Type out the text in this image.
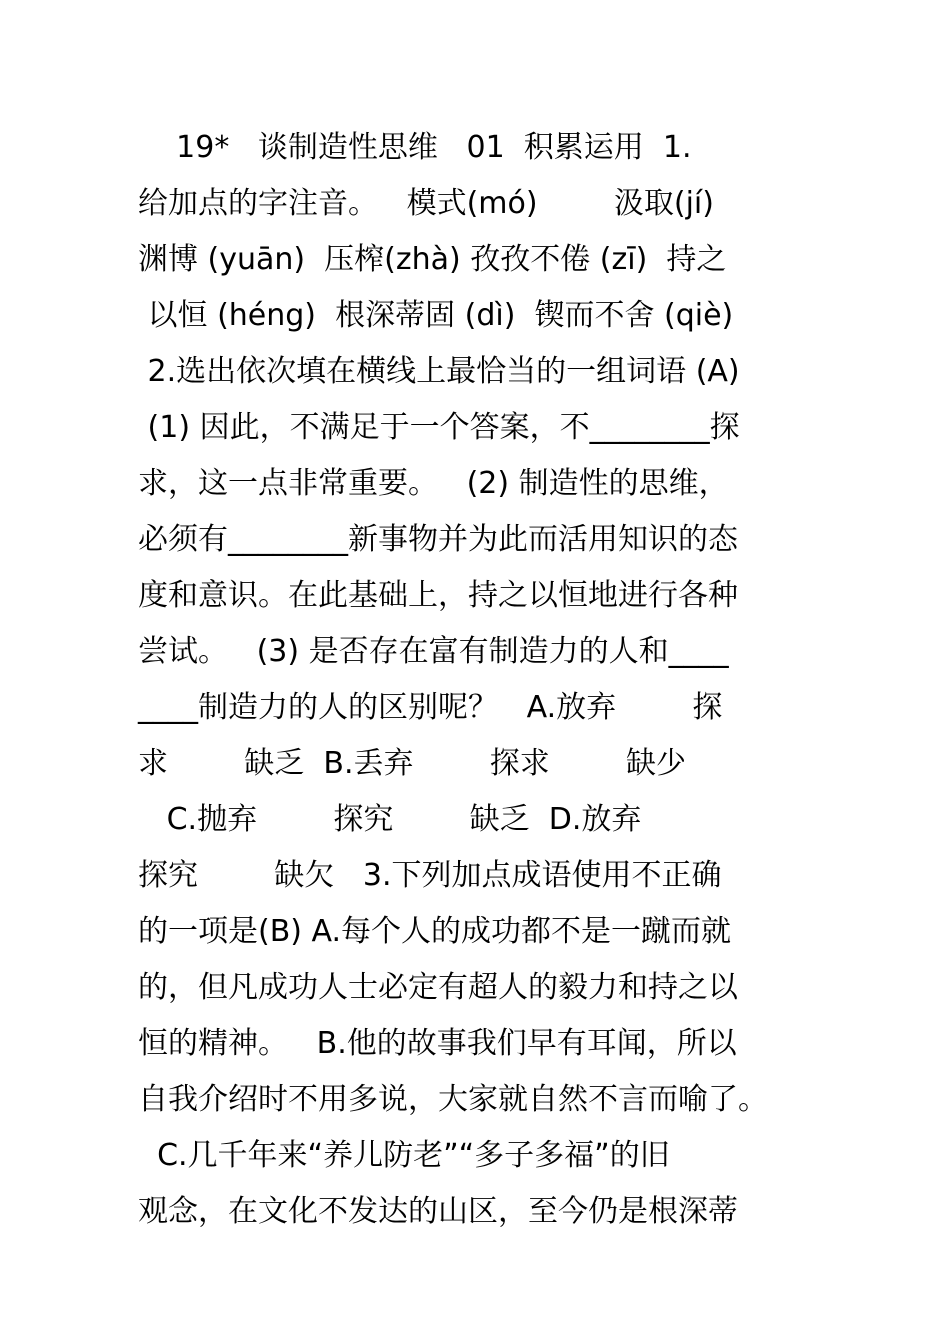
19*   谈制造性思维   01  积累运用  1.
给加点的字注音。   模式(mó)        汲取(jí)
渊博 (yuān)  压榨(zhà) 孜孜不倦 (zī)  持之
以恒 (héng)  根深蒂固 (dì)  锲而不舍 (qiè)
2.选出依次填在横线上最恰当的一组词语 (A)
(1) 因此，不满足于一个答案，不________探
求，这一点非常重要。   (2) 制造性的思维，
必须有________新事物并为此而活用知识的态
度和意识。在此基础上，持之以恒地进行各种
尝试。   (3) 是否存在富有制造力的人和____
____制造力的人的区别呢？   A.放弃        探
求        缺乏  B.丢弃        探求        缺少
C.抛弃        探究        缺乏  D.放弃
探究        缺欠   3.下列加点成语使用不正确
的一项是(B) A.每个人的成功都不是一蹴而就
的，但凡成功人士必定有超人的毅力和持之以
恒的精神。   B.他的故事我们早有耳闻，所以
自我介绍时不用多说，大家就自然不言而喻了。
C.几千年来“养儿防老”“多子多福”的旧
观念，在文化不发达的山区，至今仍是根深蒂
